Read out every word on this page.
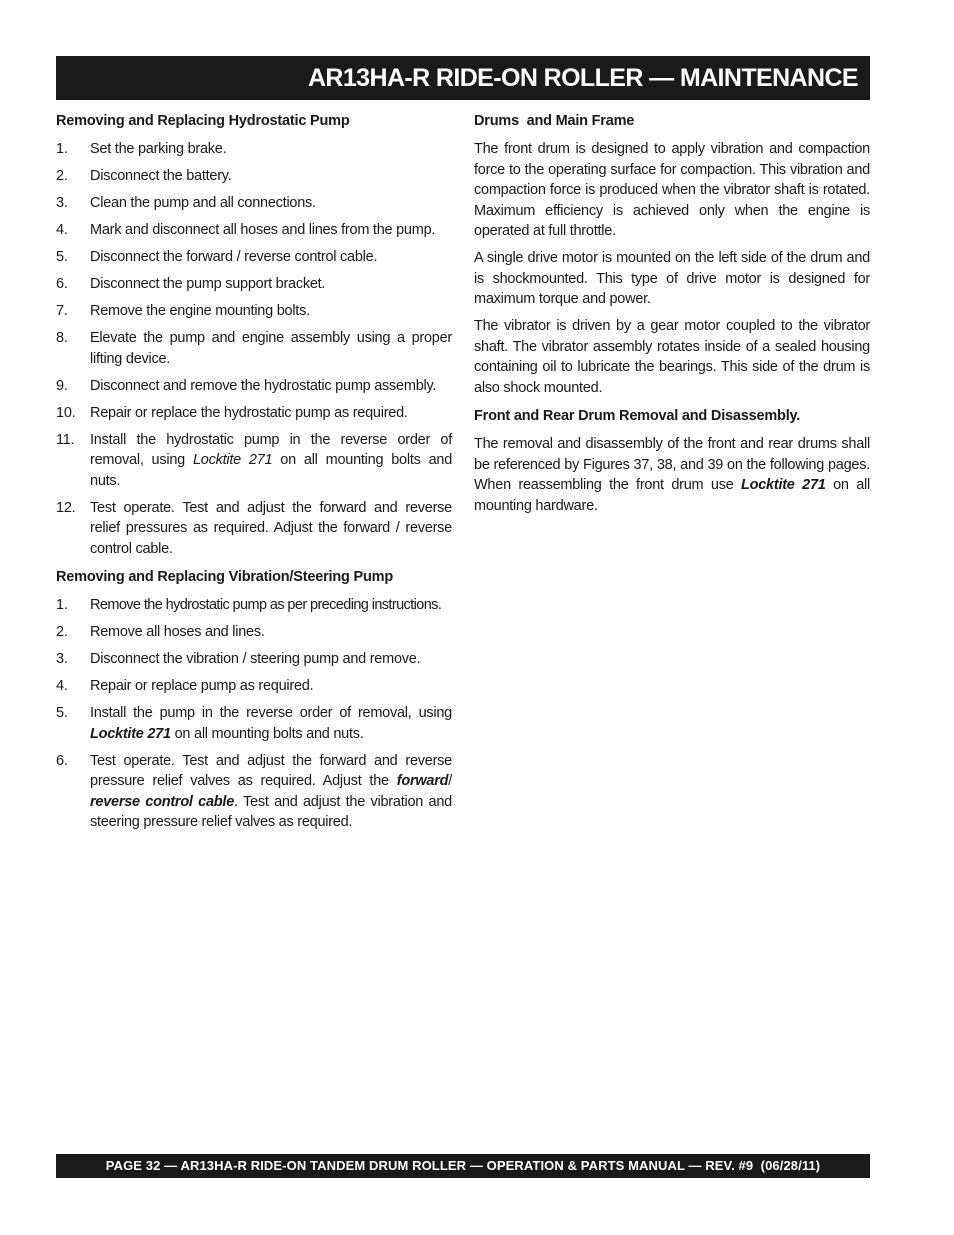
AR13HA-R RIDE-ON ROLLER — MAINTENANCE
Removing and Replacing Hydrostatic Pump
1.	Set the parking brake.
2.	Disconnect the battery.
3.	Clean the pump and all connections.
4.	Mark and disconnect all hoses and lines from the pump.
5.	Disconnect the forward / reverse control cable.
6.	Disconnect the pump support bracket.
7.	Remove the engine mounting bolts.
8.	Elevate the pump and engine assembly using a proper lifting device.
9.	Disconnect and remove the hydrostatic pump assembly.
10.	Repair or replace the hydrostatic pump as required.
11.	Install the hydrostatic pump in the reverse order of removal, using Locktite 271 on all mounting bolts and nuts.
12.	Test operate. Test and adjust the forward and reverse relief pressures as required. Adjust the forward / reverse control cable.
Removing and Replacing Vibration/Steering Pump
1.	Remove the hydrostatic pump as per preceding instructions.
2.	Remove all hoses and lines.
3.	Disconnect the vibration / steering pump and remove.
4.	Repair or replace pump as required.
5.	Install the pump in the reverse order of removal, using Locktite 271 on all mounting bolts and nuts.
6.	Test operate. Test and adjust the forward and reverse pressure relief valves as required. Adjust the forward/ reverse control cable. Test and adjust the vibration and steering pressure relief valves as required.
Drums  and Main Frame

The front drum is designed to apply vibration and compaction force to the operating surface for compaction. This vibration and compaction force is produced when the vibrator shaft is rotated. Maximum efficiency is achieved only when the engine is operated at full throttle.

A single drive motor is mounted on the left side of the drum and is shockmounted. This type of drive motor is designed for maximum torque and power.

The vibrator is driven by a gear motor coupled to the vibrator shaft. The vibrator assembly rotates inside of a sealed housing containing oil to lubricate the bearings. This side of the drum is also shock mounted.

Front and Rear Drum Removal and Disassembly.

The removal and disassembly of the front and rear drums shall be referenced by Figures 37, 38, and 39 on the following pages. When reassembling the front drum use Locktite 271 on all mounting hardware.

PAGE 32 — AR13HA-R RIDE-ON TANDEM DRUM ROLLER — OPERATION & PARTS MANUAL — REV. #9  (06/28/11)
